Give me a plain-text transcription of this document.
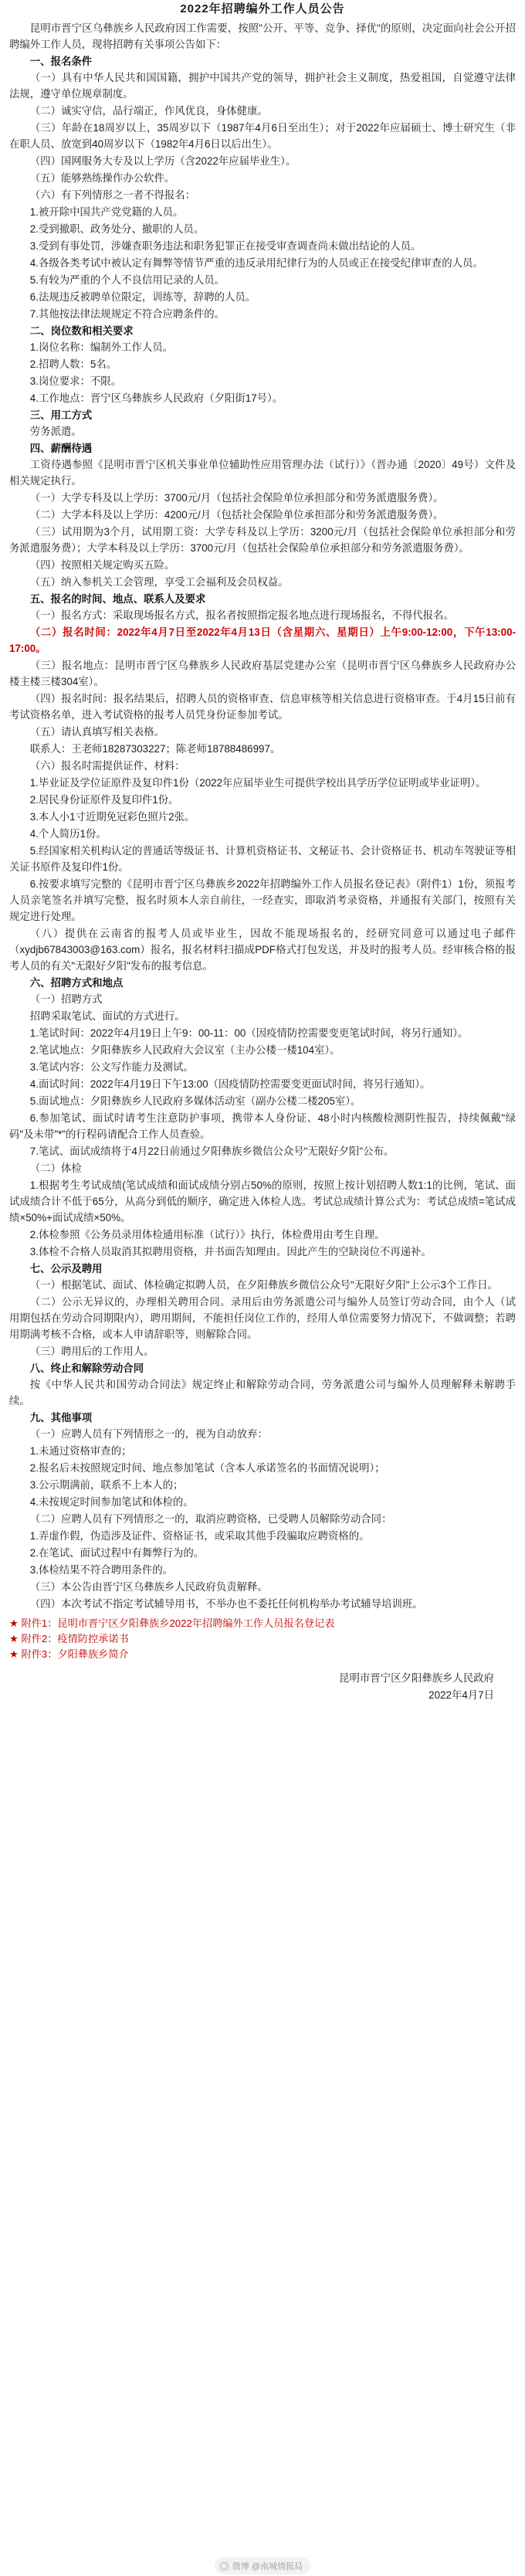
2022年招聘编外工作人员公告

昆明市晋宁区乌彝族乡人民政府因工作需要，按照"公开、平等、竞争、择优"的原则，决定面向社会公开招聘编外工作人员，现将招聘有关事项公告如下：

一、报名条件

（一）具有中华人民共和国国籍，拥护中国共产党的领导，拥护社会主义制度，热爱祖国，自觉遵守法律法规，遵守单位规章制度。

（二）诚实守信，品行端正，作风优良，身体健康。

（三）年龄在18周岁以上，35周岁以下（1987年4月6日至出生）；对于2022年应届硕士、博士研究生（非在职人员、放宽到40周岁以下（1982年4月6日以后出生）。

（四）国网服务大专及以上学历（含2022年应届毕业生）。

（五）能够熟练操作办公软件。

（六）有下列情形之一者不得报名：

1.被开除中国共产党党籍的人员。

2.受到撤职、政务处分、撤职的人员。

3.受到有事处罚，涉嫌查职务违法和职务犯罪正在接受审查调查尚未做出结论的人员。

4.各级各类考试中被认定有舞弊等情节严重的违反录用纪律行为的人员或正在接受纪律审查的人员。

5.有较为严重的个人不良信用记录的人员。

6.法规违反被聘单位限定，训练等，辞聘的人员。

7.其他按法律法规规定不符合应聘条件的。

二、岗位数和相关要求

1.岗位名称：编制外工作人员。

2.招聘人数：5名。

3.岗位要求：不限。

4.工作地点：晋宁区乌彝族乡人民政府（夕阳街17号）。

三、用工方式

劳务派遣。

四、薪酬待遇

工资待遇参照《昆明市晋宁区机关事业单位辅助性应用管理办法（试行）》（晋办通〔2020〕49号）文件及相关规定执行。

（一）大学专科及以上学历：3700元/月（包括社会保险单位承担部分和劳务派遣服务费）。

（二）大学本科及以上学历：4200元/月（包括社会保险单位承担部分和劳务派遣服务费）。

（三）试用期为3个月，试用期工资：大学专科及以上学历：3200元/月（包括社会保险单位承担部分和劳务派遣服务费）；大学本科及以上学历：3700元/月（包括社会保险单位承担部分和劳务派遣服务费）。

（四）按照相关规定购买五险。

（五）纳入参机关工会管理，享受工会福利及会员权益。

五、报名的时间、地点、联系人及要求

（一）报名方式：采取现场报名方式，报名者按照指定报名地点进行现场报名，不得代报名。

（二）报名时间：2022年4月7日至2022年4月13日（含星期六、星期日）上午9:00-12:00，下午13:00-17:00。

（三）报名地点：昆明市晋宁区乌彝族乡人民政府基层党建办公室（昆明市晋宁区乌彝族乡人民政府办公楼主楼三楼304室）。

（四）报名时间：报名结果后，招聘人员的资格审查、信息审核等相关信息进行资格审查。于4月15日前有考试资格名单，进入考试资格的报考人员凭身份证参加考试。

（五）请认真填写相关表格。

联系人：王老师18287303227；陈老师18788486997。

（六）报名时需提供证件、材料：

1.毕业证及学位证原件及复印件1份（2022年应届毕业生可提供学校出具学历学位证明或毕业证明）。

2.居民身份证原件及复印件1份。

3.本人小1寸近期免冠彩色照片2张。

4.个人简历1份。

5.经国家相关机构认定的普通话等级证书、计算机资格证书、文秘证书、会计资格证书、机动车驾驶证等相关证书原件及复印件1份。

6.按要求填写完整的《昆明市晋宁区乌彝族乡2022年招聘编外工作人员报名登记表》（附件1）1份，须报考人员亲笔签名并填写完整，报名时须本人亲自前往，一经查实，即取消考录资格，并通报有关部门，按照有关规定进行处理。

（八）提供在云南省的报考人员或毕业生，因故不能现场报名的，经研究同意可以通过电子邮件（xydjb67843003@163.com）报名，报名材料扫描成PDF格式打包发送，并及时的报考人员。经审核合格的报考人员的有关"无限好夕阳"发布的报考信息。

六、招聘方式和地点

（一）招聘方式

招聘采取笔试、面试的方式进行。

1.笔试时间：2022年4月19日上午9：00-11：00（因疫情防控需要变更笔试时间，将另行通知）。

2.笔试地点：夕阳彝族乡人民政府大会议室（主办公楼一楼104室）。

3.笔试内容：公文写作能力及测试。

4.面试时间：2022年4月19日下午13:00（因疫情防控需要变更面试时间，将另行通知）。

5.面试地点：夕阳彝族乡人民政府多媒体活动室（副办公楼二楼205室）。

6.参加笔试、面试时请考生注意防护事项，携带本人身份证、48小时内核酸检测阴性报告，持续佩戴"绿码"及未带"*"的行程码请配合工作人员查验。

7.笔试、面试成绩将于4月22日前通过夕阳彝族乡微信公众号"无限好夕阳"公布。

（二）体检

1.根据考生考试成绩(笔试成绩和面试成绩分别占50%的原则，按照上按计划招聘人数1:1的比例，笔试、面试成绩合计不低于65分，从高分到低的顺序，确定进入体检人选。考试总成绩计算公式为：考试总成绩=笔试成绩×50%+面试成绩×50%。

2.体检参照《公务员录用体检通用标准（试行）》执行，体检费用由考生自理。

3.体检不合格人员取消其拟聘用资格，并书面告知理由。因此产生的空缺岗位不再递补。

七、公示及聘用

（一）根据笔试、面试、体检确定拟聘人员，在夕阳彝族乡微信公众号"无限好夕阳"上公示3个工作日。

（二）公示无异议的，办理相关聘用合同。录用后由劳务派遣公司与编外人员签订劳动合同，由个人（试用期包括在劳动合同期限内），聘用期间，不能担任岗位工作的，经用人单位需要努力情况下，不做调整；若聘用期满考核不合格，或本人申请辞职等，则解除合同。

（三）聘用后的工作用人。

八、终止和解除劳动合同

按《中华人民共和国劳动合同法》规定终止和解除劳动合同，劳务派遣公司与编外人员理解释未解聘手续。

九、其他事项

（一）应聘人员有下列情形之一的，视为自动放弃：

1.未通过资格审查的；

2.报名后未按照规定时间、地点参加笔试（含本人承诺签名的书面情况说明）；

3.公示期满前，联系不上本人的；

4.未按规定时间参加笔试和体检的。

（二）应聘人员有下列情形之一的，取消应聘资格，已受聘人员解除劳动合同：

1.弄虚作假，伪造涉及证件、资格证书，或采取其他手段骗取应聘资格的。

2.在笔试、面试过程中有舞弊行为的。

3.体检结果不符合聘用条件的。

（三）本公告由晋宁区乌彝族乡人民政府负责解释。

（四）本次考试不指定考试辅导用书，不举办也不委托任何机构举办考试辅导培训班。

★ 附件1：昆明市晋宁区夕阳彝族乡2022年招聘编外工作人员报名登记表

★ 附件2：疫情防控承诺书

★ 附件3：夕阳彝族乡简介

昆明市晋宁区夕阳彝族乡人民政府

2022年4月7日

微博 @南城情报局
